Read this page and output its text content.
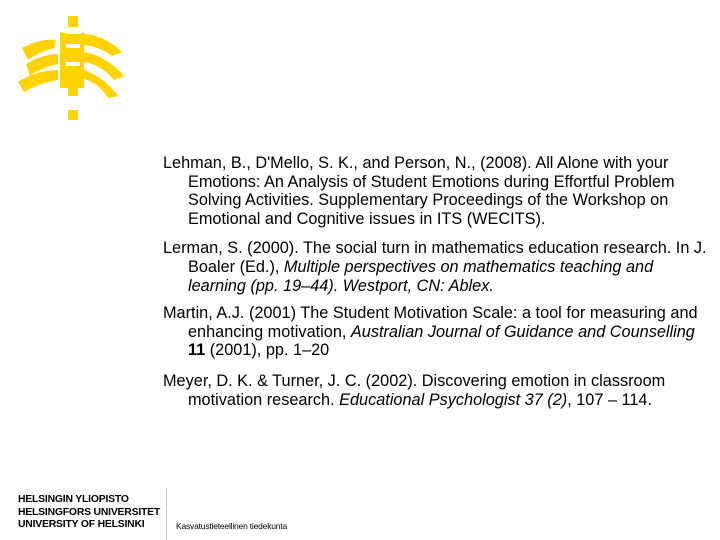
Lehman, B., D'Mello, S. K., and Person, N., (2008). All Alone with your Emotions: An Analysis of Student Emotions during Effortful Problem Solving Activities. Supplementary Proceedings of the Workshop on Emotional and Cognitive issues in ITS (WECITS).

Lerman, S. (2000). The social turn in mathematics education research. In J. Boaler (Ed.), Multiple perspectives on mathematics teaching and learning (pp. 19–44). Westport, CN: Ablex.

Martin, A.J. (2001) The Student Motivation Scale: a tool for measuring and enhancing motivation, Australian Journal of Guidance and Counselling 11 (2001), pp. 1–20

Meyer, D. K. & Turner, J. C. (2002). Discovering emotion in classroom motivation research. Educational Psychologist 37 (2), 107 – 114.

HELSINGIN YLIOPISTO
HELSINGFORS UNIVERSITET
UNIVERSITY OF HELSINKI	Kasvatustieteellinen tiedekunta
